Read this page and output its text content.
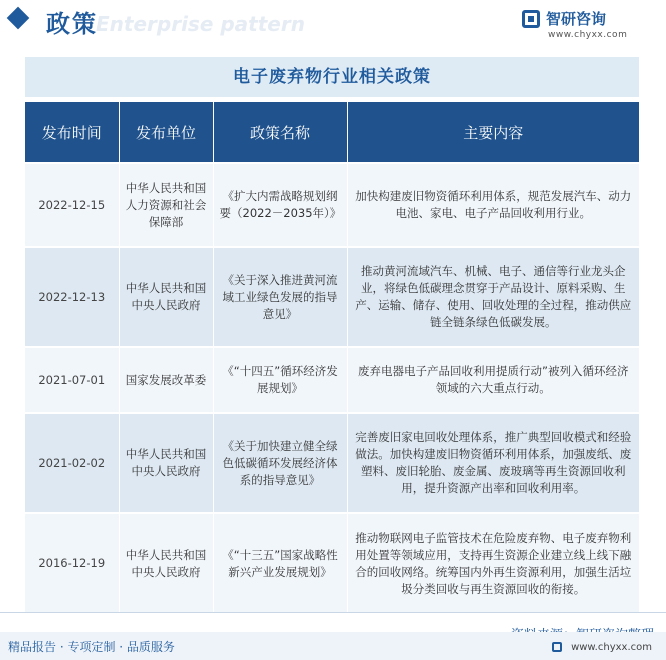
Enterprise pattern
政策	智研咨询
www.chyxx.com
电子废弃物行业相关政策
发布时间	发布单位	政策名称	主要内容
2022-12-15	中华人民共和国人力资源和社会保障部	《扩大内需战略规划纲要（2022－2035年）》	加快构建废旧物资循环利用体系，规范发展汽车、动力电池、家电、电子产品回收利用行业。
2022-12-13	中华人民共和国中央人民政府	《关于深入推进黄河流域工业绿色发展的指导意见》	推动黄河流域汽车、机械、电子、通信等行业龙头企业，将绿色低碳理念贯穿于产品设计、原料采购、生产、运输、储存、使用、回收处理的全过程，推动供应链全链条绿色低碳发展。
2021-07-01	国家发展改革委	《“十四五”循环经济发展规划》	废弃电器电子产品回收利用提质行动”被列入循环经济领域的六大重点行动。
2021-02-02	中华人民共和国中央人民政府	《关于加快建立健全绿色低碳循环发展经济体系的指导意见》	完善废旧家电回收处理体系，推广典型回收模式和经验做法。加快构建废旧物资循环利用体系，加强废纸、废塑料、废旧轮胎、废金属、废玻璃等再生资源回收利用，提升资源产出率和回收利用率。
2016-12-19	中华人民共和国中央人民政府	《“十三五”国家战略性新兴产业发展规划》	推动物联网电子监管技术在危险废弃物、电子废弃物利用处置等领域应用，支持再生资源企业建立线上线下融合的回收网络。统筹国内外再生资源利用，加强生活垃圾分类回收与再生资源回收的衔接。
精品报告 · 专项定制 · 品质服务	www.chyxx.com
